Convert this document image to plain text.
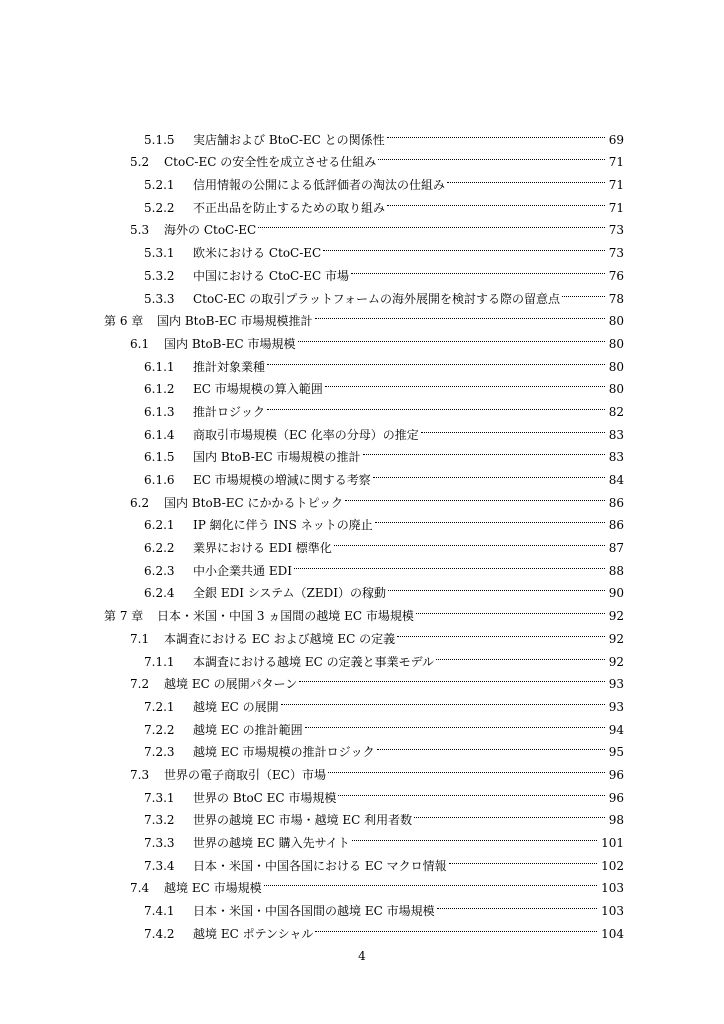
5.1.5	実店舗および BtoC-EC との関係性	69
5.2	CtoC-EC の安全性を成立させる仕組み	71
5.2.1	信用情報の公開による低評価者の淘汰の仕組み	71
5.2.2	不正出品を防止するための取り組み	71
5.3	海外の CtoC-EC	73
5.3.1	欧米における CtoC-EC	73
5.3.2	中国における CtoC-EC 市場	76
5.3.3	CtoC-EC の取引プラットフォームの海外展開を検討する際の留意点	78
第 6 章	国内 BtoB-EC 市場規模推計	80
6.1	国内 BtoB-EC 市場規模	80
6.1.1	推計対象業種	80
6.1.2	EC 市場規模の算入範囲	80
6.1.3	推計ロジック	82
6.1.4	商取引市場規模（EC 化率の分母）の推定	83
6.1.5	国内 BtoB-EC 市場規模の推計	83
6.1.6	EC 市場規模の増減に関する考察	84
6.2	国内 BtoB-EC にかかるトピック	86
6.2.1	IP 網化に伴う INS ネットの廃止	86
6.2.2	業界における EDI 標準化	87
6.2.3	中小企業共通 EDI	88
6.2.4	全銀 EDI システム（ZEDI）の稼動	90
第 7 章	日本・米国・中国 3 ヵ国間の越境 EC 市場規模	92
7.1	本調査における EC および越境 EC の定義	92
7.1.1	本調査における越境 EC の定義と事業モデル	92
7.2	越境 EC の展開パターン	93
7.2.1	越境 EC の展開	93
7.2.2	越境 EC の推計範囲	94
7.2.3	越境 EC 市場規模の推計ロジック	95
7.3	世界の電子商取引（EC）市場	96
7.3.1	世界の BtoC EC 市場規模	96
7.3.2	世界の越境 EC 市場・越境 EC 利用者数	98
7.3.3	世界の越境 EC 購入先サイト	101
7.3.4	日本・米国・中国各国における EC マクロ情報	102
7.4	越境 EC 市場規模	103
7.4.1	日本・米国・中国各国間の越境 EC 市場規模	103
7.4.2	越境 EC ポテンシャル	104
4
